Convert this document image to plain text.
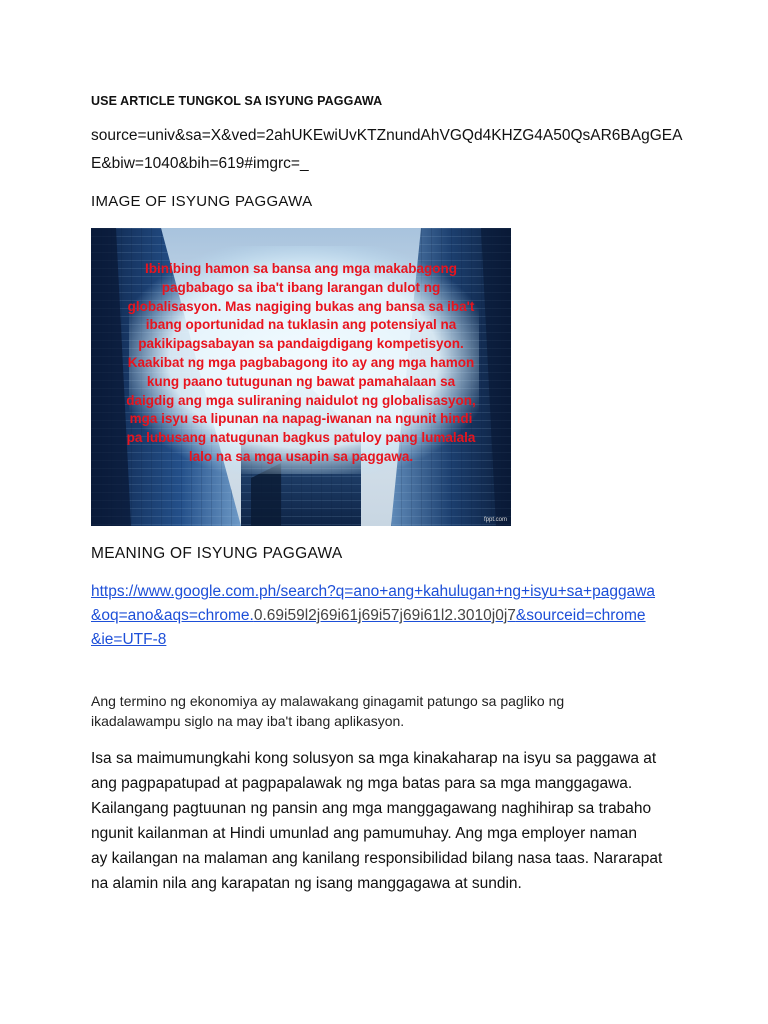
USE ARTICLE TUNGKOL SA ISYUNG PAGGAWA
source=univ&sa=X&ved=2ahUKEwiUvKTZnundAhVGQd4KHZG4A50QsAR6BAgGEA
E&biw=1040&bih=619#imgrc=_
IMAGE OF ISYUNG PAGGAWA
Ibinibing hamon sa bansa ang mga makabagong
pagbabago sa iba't ibang larangan dulot ng
globalisasyon. Mas nagiging bukas ang bansa sa iba't
ibang oportunidad na tuklasin ang potensiyal na
pakikipagsabayan sa pandaigdigang kompetisyon.
Kaakibat ng mga pagbabagong ito ay ang mga hamon
kung paano tutugunan ng bawat pamahalaan sa
daigdig ang mga suliraning naidulot ng globalisasyon,
mga isyu sa lipunan na napag-iwanan na ngunit hindi
pa lubusang natugunan bagkus patuloy pang lumalala
lalo na sa mga usapin sa paggawa.
fppt.com
MEANING OF ISYUNG PAGGAWA
https://www.google.com.ph/search?q=ano+ang+kahulugan+ng+isyu+sa+paggawa
&oq=ano&aqs=chrome.0.69i59l2j69i61j69i57j69i61l2.3010j0j7&sourceid=chrome
&ie=UTF-8
Ang termino ng ekonomiya ay malawakang ginagamit patungo sa pagliko ng
ikadalawampu siglo na may iba't ibang aplikasyon.
Isa sa maimumungkahi kong solusyon sa mga kinakaharap na isyu sa paggawa at
ang pagpapatupad at pagpapalawak ng mga batas para sa mga manggagawa.
Kailangang pagtuunan ng pansin ang mga manggagawang naghihirap sa trabaho
ngunit kailanman at Hindi umunlad ang pamumuhay. Ang mga employer naman
ay kailangan na malaman ang kanilang responsibilidad bilang nasa taas. Nararapat
na alamin nila ang karapatan ng isang manggagawa at sundin.
